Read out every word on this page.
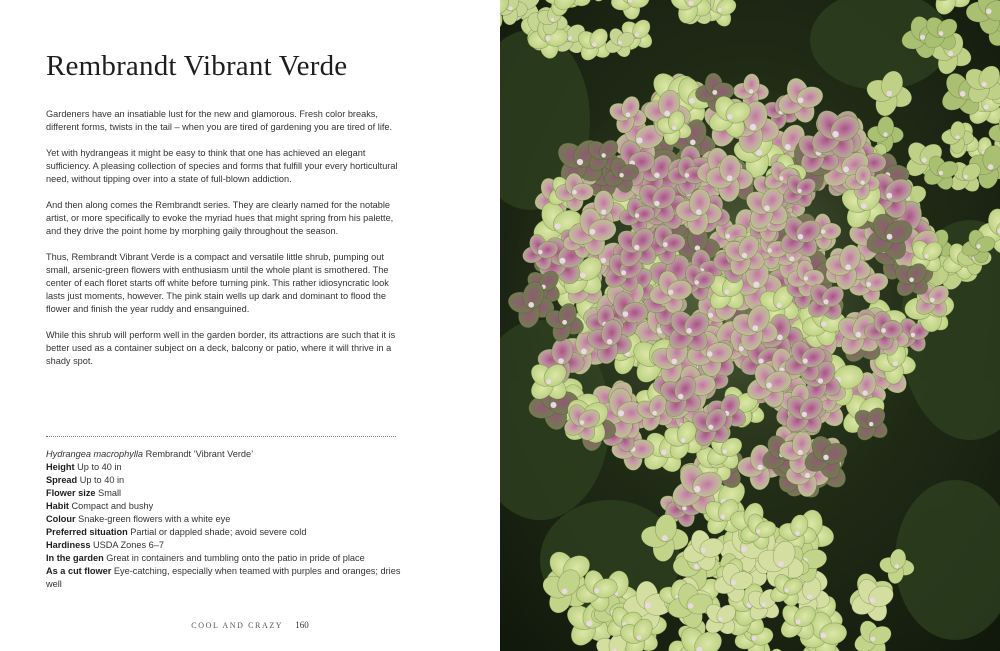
Rembrandt Vibrant Verde

Gardeners have an insatiable lust for the new and glamorous. Fresh color breaks, different forms, twists in the tail – when you are tired of gardening you are tired of life.

Yet with hydrangeas it might be easy to think that one has achieved an elegant sufficiency. A pleasing collection of species and forms that fulfill your every horticultural need, without tipping over into a state of full-blown addiction.

And then along comes the Rembrandt series. They are clearly named for the notable artist, or more specifically to evoke the myriad hues that might spring from his palette, and they drive the point home by morphing gaily throughout the season.

Thus, Rembrandt Vibrant Verde is a compact and versatile little shrub, pumping out small, arsenic-green flowers with enthusiasm until the whole plant is smothered. The center of each floret starts off white before turning pink. This rather idiosyncratic look lasts just moments, however. The pink stain wells up dark and dominant to flood the flower and finish the year ruddy and ensanguined.

While this shrub will perform well in the garden border, its attractions are such that it is better used as a container subject on a deck, balcony or patio, where it will thrive in a shady spot.

Hydrangea macrophylla Rembrandt ‘Vibrant Verde’
Height Up to 40 in
Spread Up to 40 in
Flower size Small
Habit Compact and bushy
Colour Snake-green flowers with a white eye
Preferred situation Partial or dappled shade; avoid severe cold
Hardiness USDA Zones 6–7
In the garden Great in containers and tumbling onto the patio in pride of place
As a cut flower Eye-catching, especially when teamed with purples and oranges; dries well
COOL AND CRAZY 160
